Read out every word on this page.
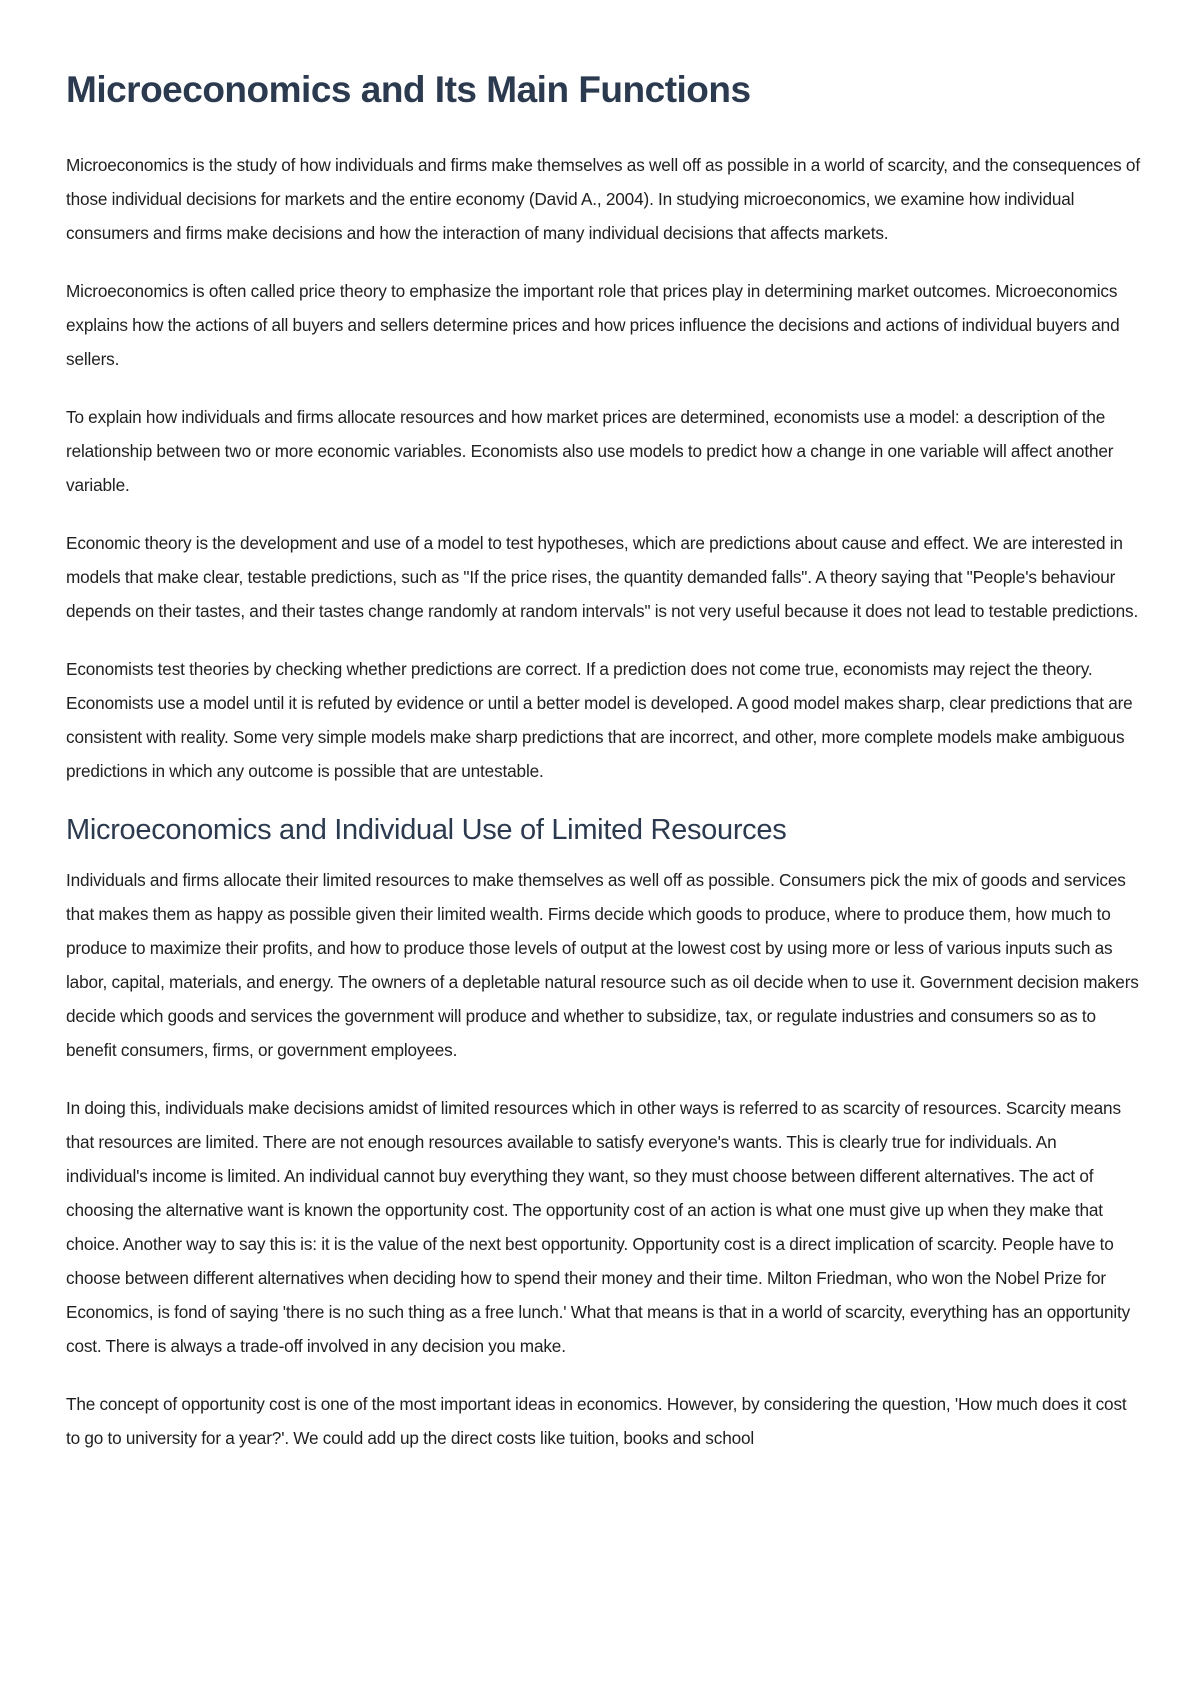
Microeconomics and Its Main Functions

Microeconomics is the study of how individuals and firms make themselves as well off as possible in a world of scarcity, and the consequences of those individual decisions for markets and the entire economy (David A., 2004). In studying microeconomics, we examine how individual consumers and firms make decisions and how the interaction of many individual decisions that affects markets.

Microeconomics is often called price theory to emphasize the important role that prices play in determining market outcomes. Microeconomics explains how the actions of all buyers and sellers determine prices and how prices influence the decisions and actions of individual buyers and sellers.

To explain how individuals and firms allocate resources and how market prices are determined, economists use a model: a description of the relationship between two or more economic variables. Economists also use models to predict how a change in one variable will affect another variable.

Economic theory is the development and use of a model to test hypotheses, which are predictions about cause and effect. We are interested in models that make clear, testable predictions, such as "If the price rises, the quantity demanded falls". A theory saying that "People's behaviour depends on their tastes, and their tastes change randomly at random intervals" is not very useful because it does not lead to testable predictions.

Economists test theories by checking whether predictions are correct. If a prediction does not come true, economists may reject the theory. Economists use a model until it is refuted by evidence or until a better model is developed. A good model makes sharp, clear predictions that are consistent with reality. Some very simple models make sharp predictions that are incorrect, and other, more complete models make ambiguous predictions in which any outcome is possible that are untestable.

Microeconomics and Individual Use of Limited Resources

Individuals and firms allocate their limited resources to make themselves as well off as possible. Consumers pick the mix of goods and services that makes them as happy as possible given their limited wealth. Firms decide which goods to produce, where to produce them, how much to produce to maximize their profits, and how to produce those levels of output at the lowest cost by using more or less of various inputs such as labor, capital, materials, and energy. The owners of a depletable natural resource such as oil decide when to use it. Government decision makers decide which goods and services the government will produce and whether to subsidize, tax, or regulate industries and consumers so as to benefit consumers, firms, or government employees.

In doing this, individuals make decisions amidst of limited resources which in other ways is referred to as scarcity of resources. Scarcity means that resources are limited. There are not enough resources available to satisfy everyone's wants. This is clearly true for individuals. An individual's income is limited. An individual cannot buy everything they want, so they must choose between different alternatives. The act of choosing the alternative want is known the opportunity cost. The opportunity cost of an action is what one must give up when they make that choice. Another way to say this is: it is the value of the next best opportunity. Opportunity cost is a direct implication of scarcity. People have to choose between different alternatives when deciding how to spend their money and their time. Milton Friedman, who won the Nobel Prize for Economics, is fond of saying 'there is no such thing as a free lunch.' What that means is that in a world of scarcity, everything has an opportunity cost. There is always a trade-off involved in any decision you make.

The concept of opportunity cost is one of the most important ideas in economics. However, by considering the question, 'How much does it cost to go to university for a year?'. We could add up the direct costs like tuition, books and school
